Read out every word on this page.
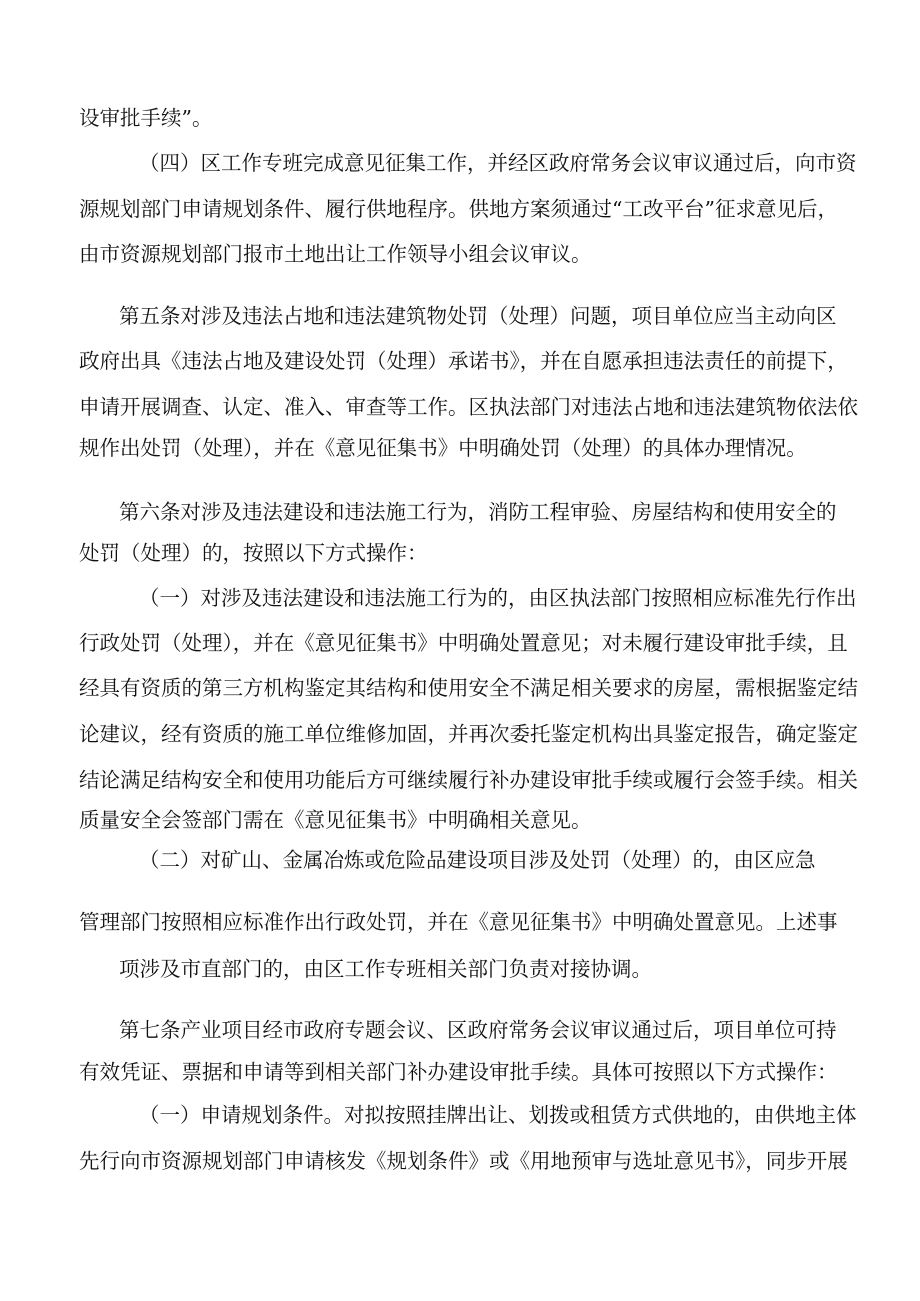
设审批手续”。

（四）区工作专班完成意见征集工作，并经区政府常务会议审议通过后，向市资

源规划部门申请规划条件、履行供地程序。供地方案须通过“工改平台”征求意见后，

由市资源规划部门报市土地出让工作领导小组会议审议。

第五条对涉及违法占地和违法建筑物处罚（处理）问题，项目单位应当主动向区

政府出具《违法占地及建设处罚（处理）承诺书》，并在自愿承担违法责任的前提下，

申请开展调查、认定、准入、审查等工作。区执法部门对违法占地和违法建筑物依法依

规作出处罚（处理），并在《意见征集书》中明确处罚（处理）的具体办理情况。

第六条对涉及违法建设和违法施工行为，消防工程审验、房屋结构和使用安全的

处罚（处理）的，按照以下方式操作：

（一）对涉及违法建设和违法施工行为的，由区执法部门按照相应标准先行作出

行政处罚（处理），并在《意见征集书》中明确处置意见；对未履行建设审批手续，且

经具有资质的第三方机构鉴定其结构和使用安全不满足相关要求的房屋，需根据鉴定结

论建议，经有资质的施工单位维修加固，并再次委托鉴定机构出具鉴定报告，确定鉴定

结论满足结构安全和使用功能后方可继续履行补办建设审批手续或履行会签手续。相关

质量安全会签部门需在《意见征集书》中明确相关意见。

（二）对矿山、金属冶炼或危险品建设项目涉及处罚（处理）的，由区应急

管理部门按照相应标准作出行政处罚，并在《意见征集书》中明确处置意见。上述事

项涉及市直部门的，由区工作专班相关部门负责对接协调。

第七条产业项目经市政府专题会议、区政府常务会议审议通过后，项目单位可持

有效凭证、票据和申请等到相关部门补办建设审批手续。具体可按照以下方式操作：

（一）申请规划条件。对拟按照挂牌出让、划拨或租赁方式供地的，由供地主体

先行向市资源规划部门申请核发《规划条件》或《用地预审与选址意见书》，同步开展
